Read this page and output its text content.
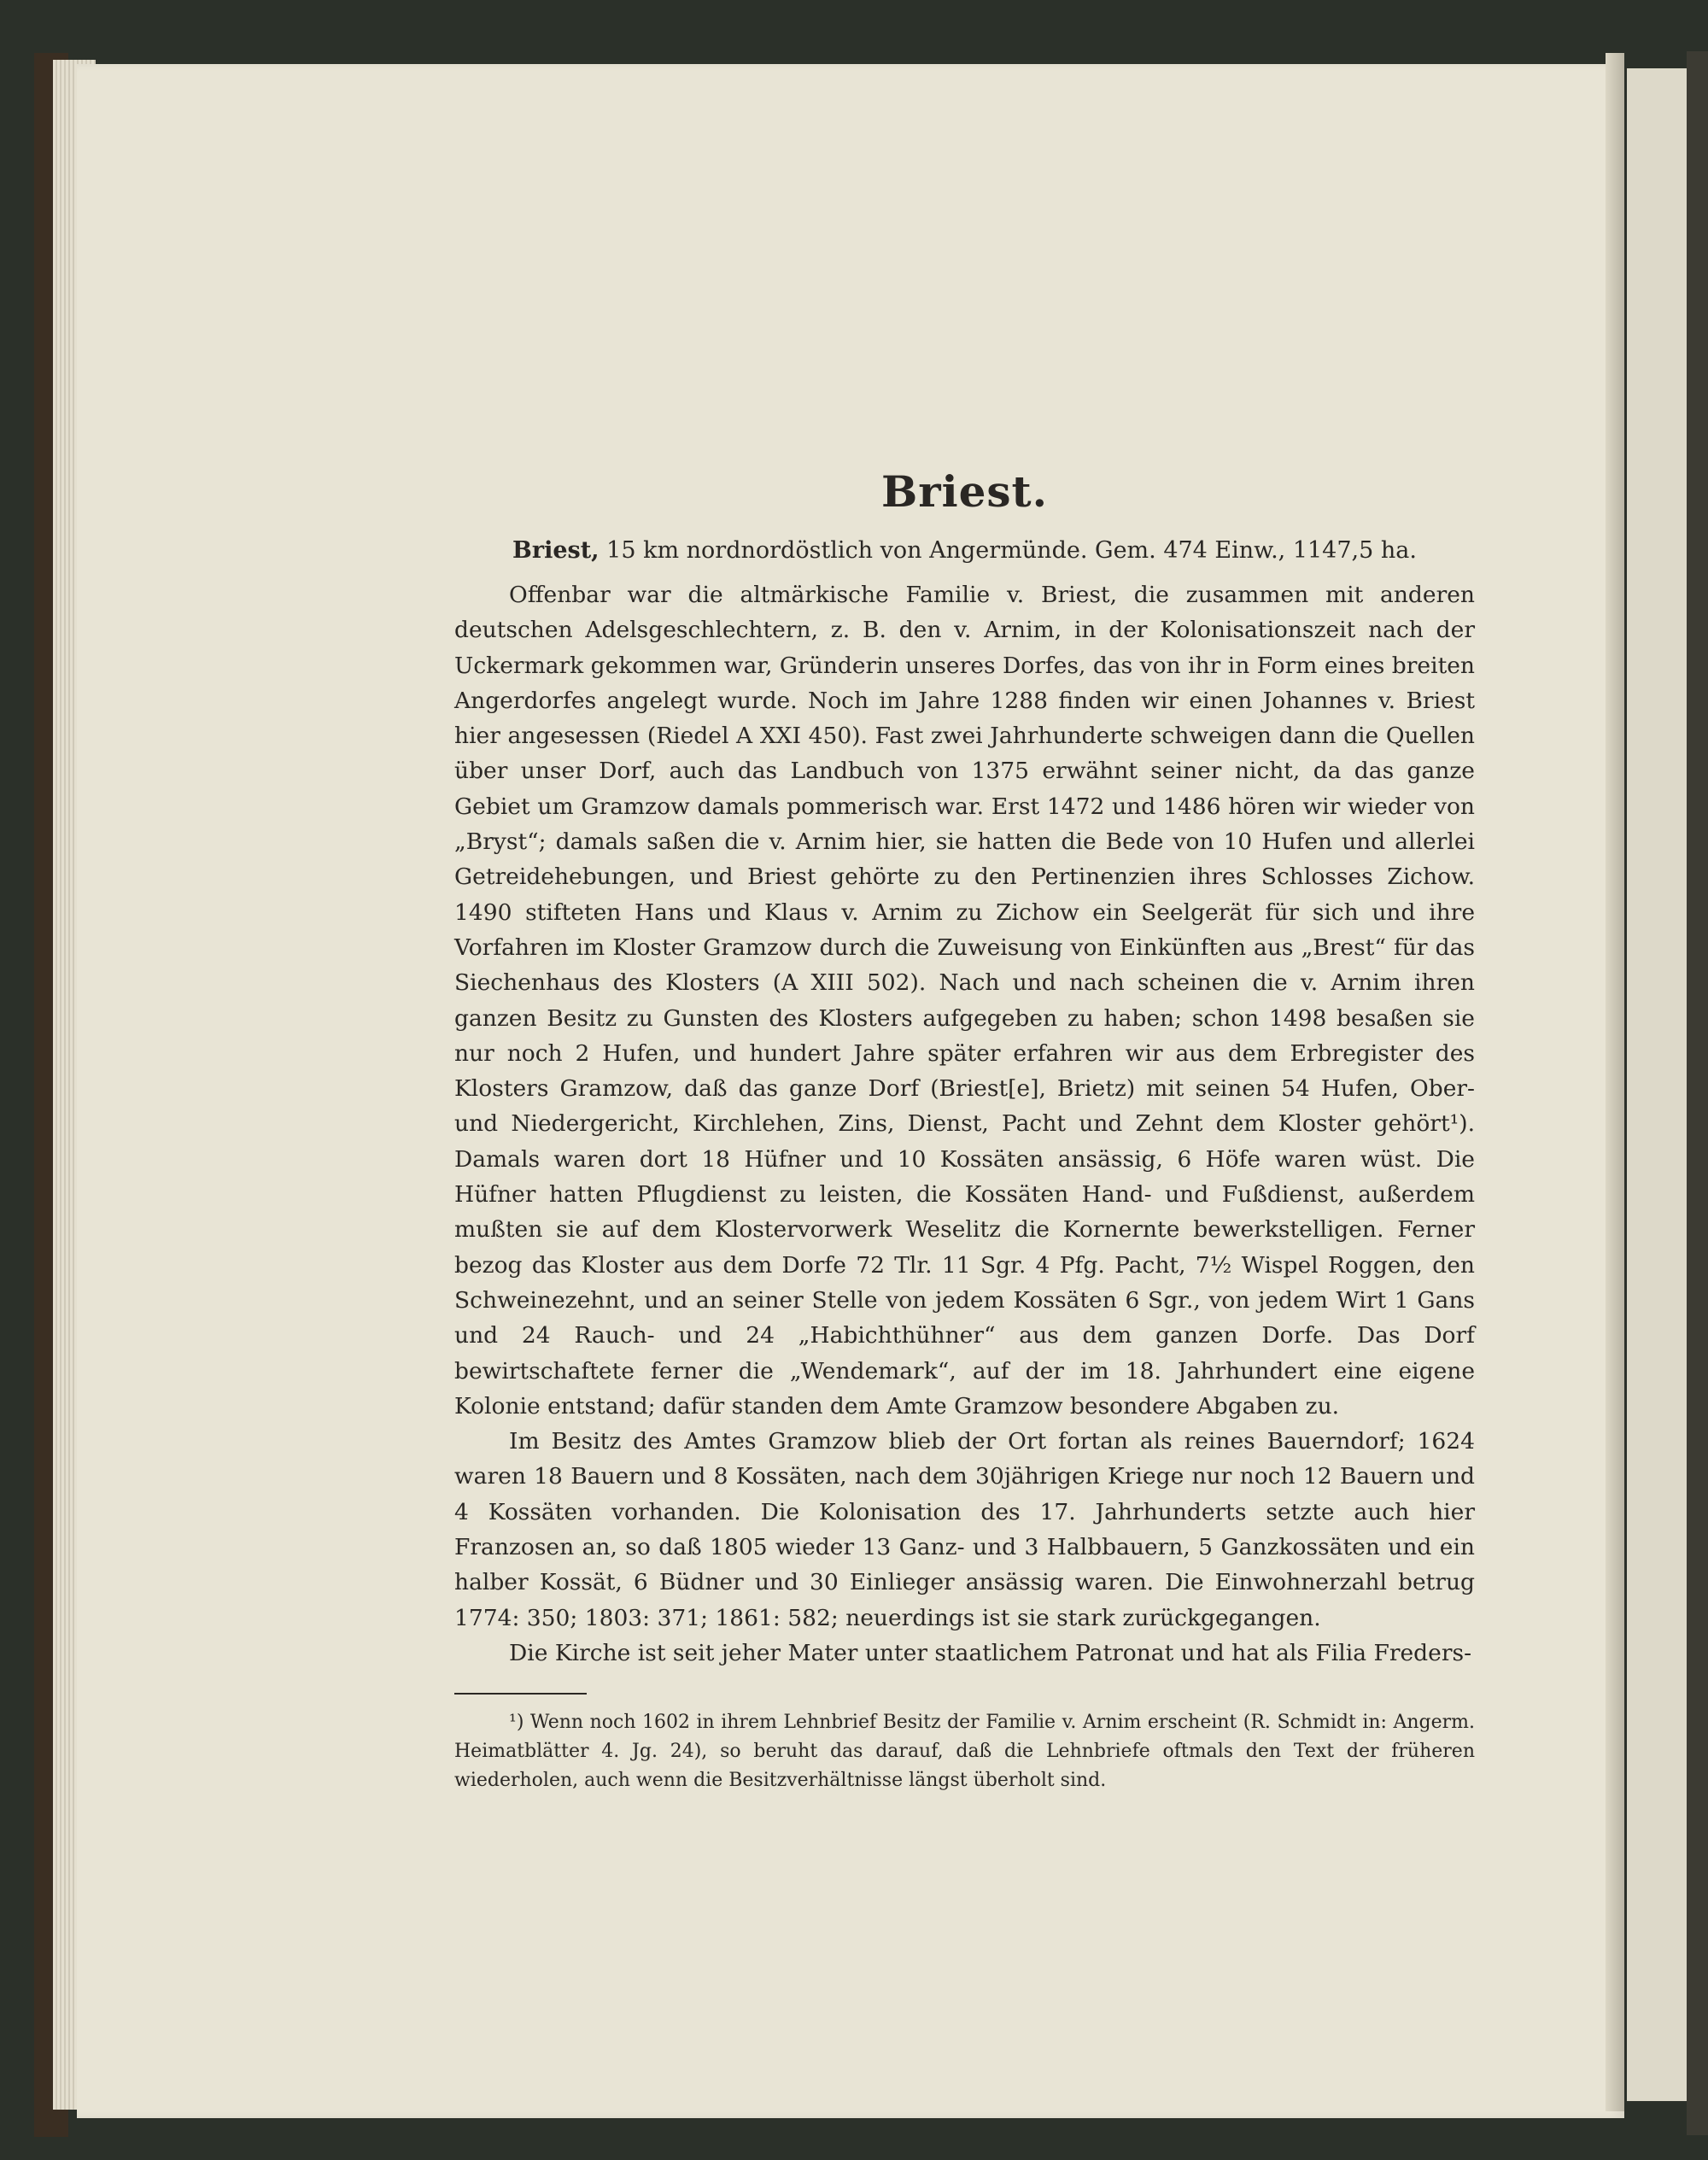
Briest.

Briest, 15 km nordnordöstlich von Angermünde. Gem. 474 Einw., 1147,5 ha.

Offenbar war die altmärkische Familie v. Briest, die zusammen mit anderen deutschen Adelsgeschlechtern, z. B. den v. Arnim, in der Kolonisationszeit nach der Uckermark gekommen war, Gründerin unseres Dorfes, das von ihr in Form eines breiten Angerdorfes angelegt wurde. Noch im Jahre 1288 finden wir einen Johannes v. Briest hier angesessen (Riedel A XXI 450). Fast zwei Jahrhunderte schweigen dann die Quellen über unser Dorf, auch das Landbuch von 1375 erwähnt seiner nicht, da das ganze Gebiet um Gramzow damals pommerisch war. Erst 1472 und 1486 hören wir wieder von „Bryst“; damals saßen die v. Arnim hier, sie hatten die Bede von 10 Hufen und allerlei Getreidehebungen, und Briest gehörte zu den Pertinenzien ihres Schlosses Zichow. 1490 stifteten Hans und Klaus v. Arnim zu Zichow ein Seelgerät für sich und ihre Vorfahren im Kloster Gramzow durch die Zuweisung von Einkünften aus „Brest“ für das Siechenhaus des Klosters (A XIII 502). Nach und nach scheinen die v. Arnim ihren ganzen Besitz zu Gunsten des Klosters aufgegeben zu haben; schon 1498 besaßen sie nur noch 2 Hufen, und hundert Jahre später erfahren wir aus dem Erbregister des Klosters Gramzow, daß das ganze Dorf (Briest[e], Brietz) mit seinen 54 Hufen, Ober- und Niedergericht, Kirchlehen, Zins, Dienst, Pacht und Zehnt dem Kloster gehört¹). Damals waren dort 18 Hüfner und 10 Kossäten ansässig, 6 Höfe waren wüst. Die Hüfner hatten Pflugdienst zu leisten, die Kossäten Hand- und Fußdienst, außerdem mußten sie auf dem Klostervorwerk Weselitz die Kornernte bewerkstelligen. Ferner bezog das Kloster aus dem Dorfe 72 Tlr. 11 Sgr. 4 Pfg. Pacht, 7½ Wispel Roggen, den Schweinezehnt, und an seiner Stelle von jedem Kossäten 6 Sgr., von jedem Wirt 1 Gans und 24 Rauch- und 24 „Habichthühner“ aus dem ganzen Dorfe. Das Dorf bewirtschaftete ferner die „Wendemark“, auf der im 18. Jahrhundert eine eigene Kolonie entstand; dafür standen dem Amte Gramzow besondere Abgaben zu.

Im Besitz des Amtes Gramzow blieb der Ort fortan als reines Bauerndorf; 1624 waren 18 Bauern und 8 Kossäten, nach dem 30jährigen Kriege nur noch 12 Bauern und 4 Kossäten vorhanden. Die Kolonisation des 17. Jahrhunderts setzte auch hier Franzosen an, so daß 1805 wieder 13 Ganz- und 3 Halbbauern, 5 Ganzkossäten und ein halber Kossät, 6 Büdner und 30 Einlieger ansässig waren. Die Einwohnerzahl betrug 1774: 350; 1803: 371; 1861: 582; neuerdings ist sie stark zurückgegangen.

Die Kirche ist seit jeher Mater unter staatlichem Patronat und hat als Filia Freders-

¹) Wenn noch 1602 in ihrem Lehnbrief Besitz der Familie v. Arnim erscheint (R. Schmidt in: Angerm. Heimatblätter 4. Jg. 24), so beruht das darauf, daß die Lehnbriefe oftmals den Text der früheren wiederholen, auch wenn die Besitzverhältnisse längst überholt sind.
